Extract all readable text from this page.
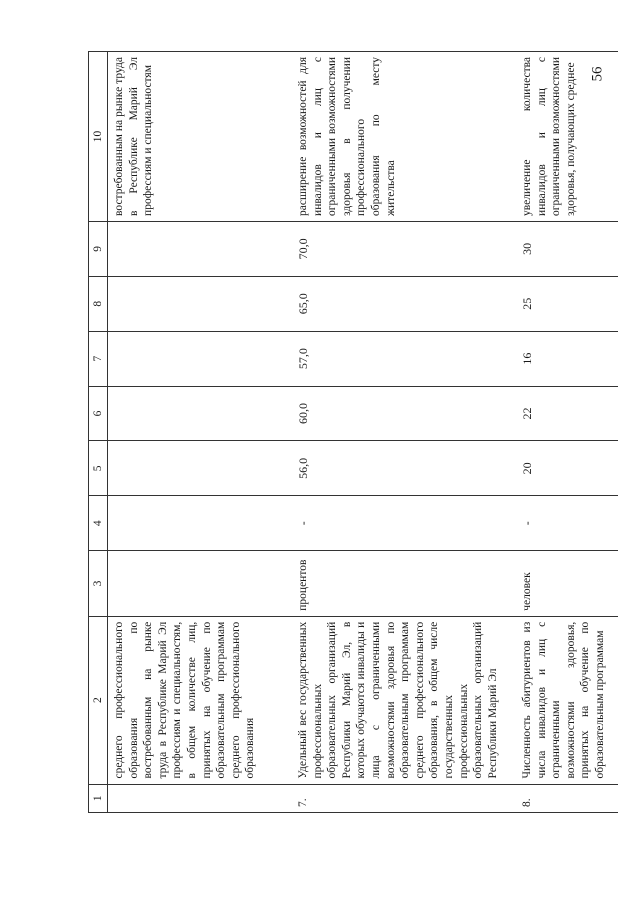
56
1	2	3	4	5	6	7	8	9	10
	среднего профессионального образования по востребованным на рынке труда в Республике Марий Эл профессиям и специальностям, в общем количестве лиц, принятых на обучение по образовательным программам среднего профессионального образования								востребованным на рынке труда в Республике Марий Эл профессиям и специальностям
7.	Удельный вес государственных профессиональных образовательных организаций Республики Марий Эл, в которых обучаются инвалиды и лица с ограниченными возможностями здоровья по образовательным программам среднего профессионального образования, в общем числе государственных профессиональных образовательных организаций Республики Марий Эл	процентов	-	56,0	60,0	57,0	65,0	70,0	расширение возможностей для инвалидов и лиц с ограниченными возможностями здоровья в получении профессионального образования по месту жительства
8.	Численность абитуриентов из числа инвалидов и лиц с ограниченными возможностями здоровья, принятых на обучение по образовательным программам	человек	-	20	22	16	25	30	увеличение количества инвалидов и лиц с ограниченными возможностями здоровья, получающих среднее
